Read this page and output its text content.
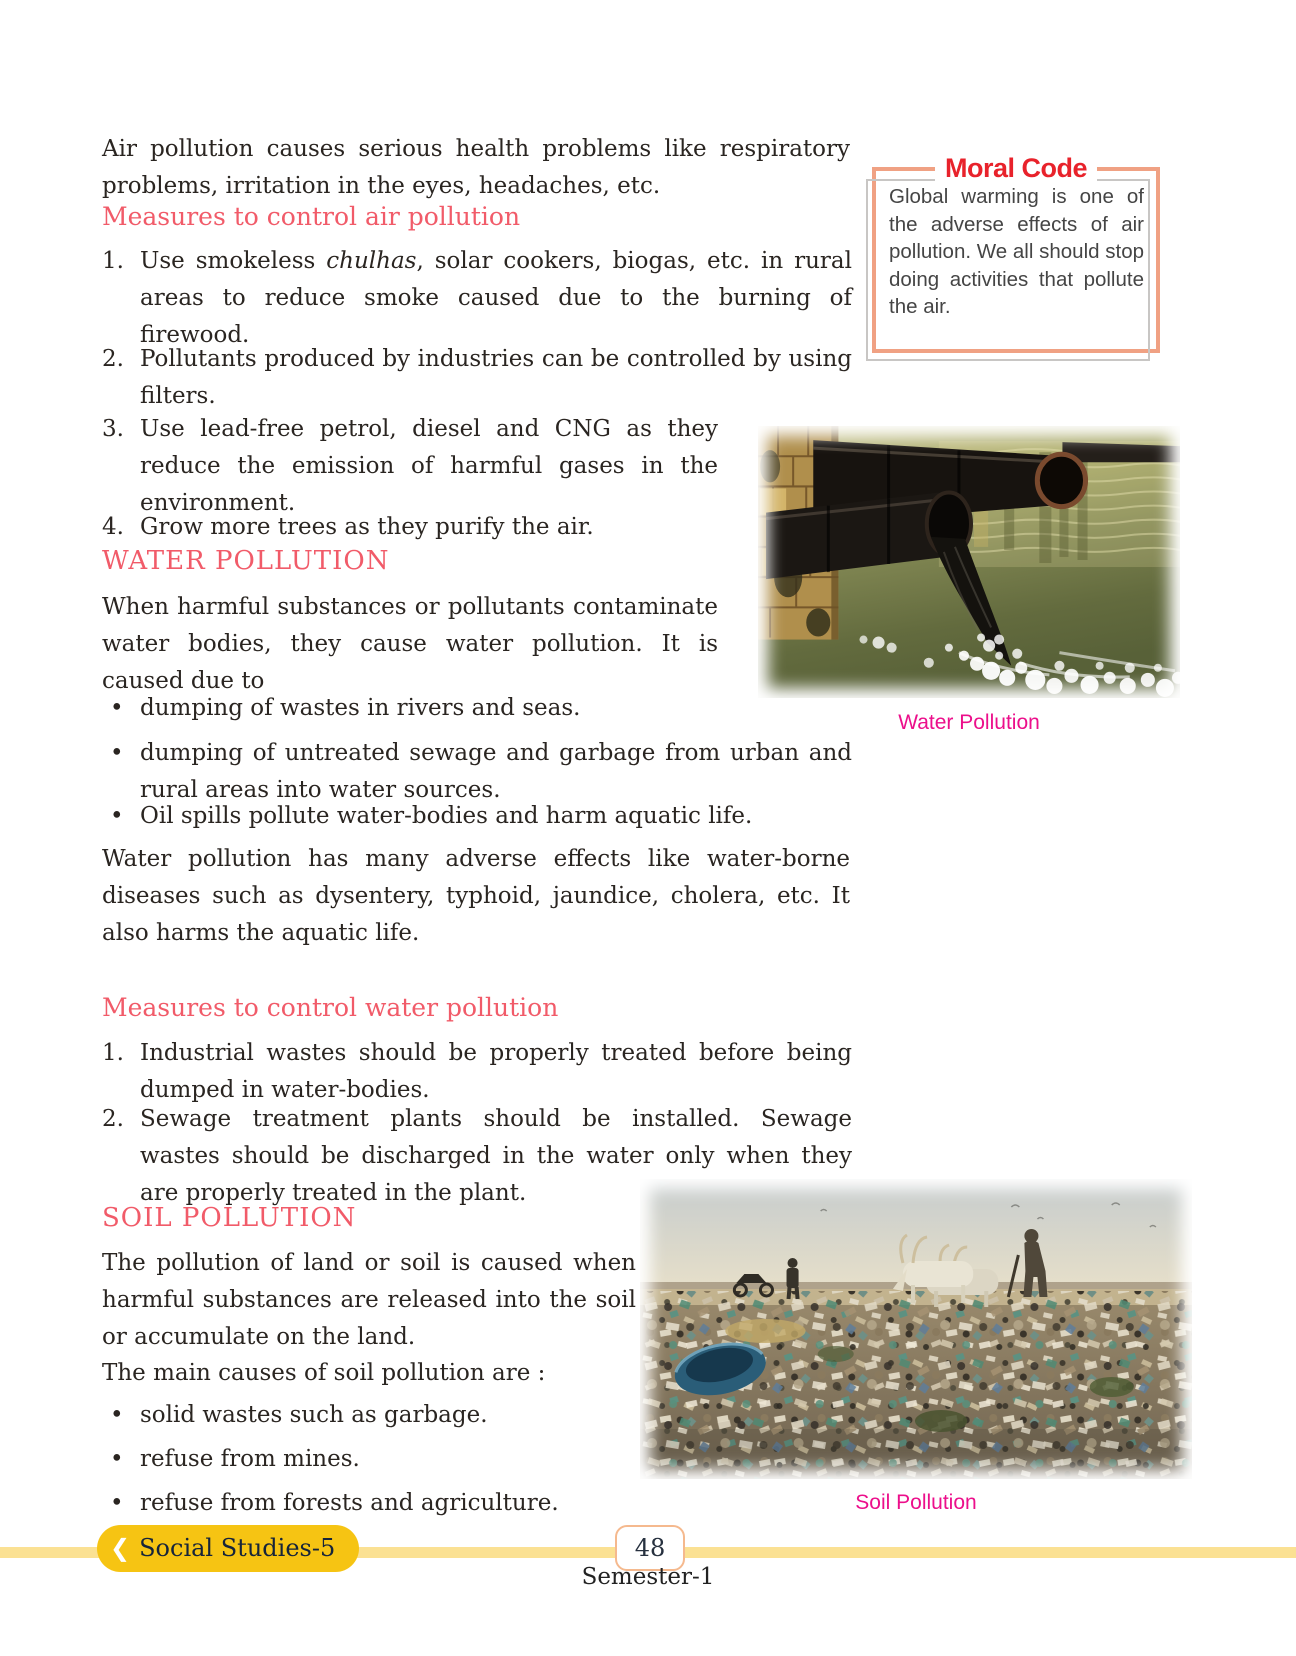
Air pollution causes serious health problems like respiratory problems, irritation in the eyes, headaches, etc.
Measures to control air pollution
1. Use smokeless chulhas, solar cookers, biogas, etc. in rural areas to reduce smoke caused due to the burning of firewood.
2. Pollutants produced by industries can be controlled by using filters.
3. Use lead-free petrol, diesel and CNG as they reduce the emission of harmful gases in the environment.
4. Grow more trees as they purify the air.
Moral Code
Global warming is one of the adverse effects of air pollution. We all should stop doing activities that pollute the air.
Water Pollution
WATER POLLUTION
When harmful substances or pollutants contaminate water bodies, they cause water pollution. It is caused due to
• dumping of wastes in rivers and seas.
• dumping of untreated sewage and garbage from urban and rural areas into water sources.
• Oil spills pollute water-bodies and harm aquatic life.
Water pollution has many adverse effects like water-borne diseases such as dysentery, typhoid, jaundice, cholera, etc. It also harms the aquatic life.
Measures to control water pollution
1. Industrial wastes should be properly treated before being dumped in water-bodies.
2. Sewage treatment plants should be installed. Sewage wastes should be discharged in the water only when they are properly treated in the plant.
SOIL POLLUTION
The pollution of land or soil is caused when harmful substances are released into the soil or accumulate on the land.
The main causes of soil pollution are :
• solid wastes such as garbage.
• refuse from mines.
• refuse from forests and agriculture.	Soil Pollution
❮ Social Studies-5	48
Semester-1
